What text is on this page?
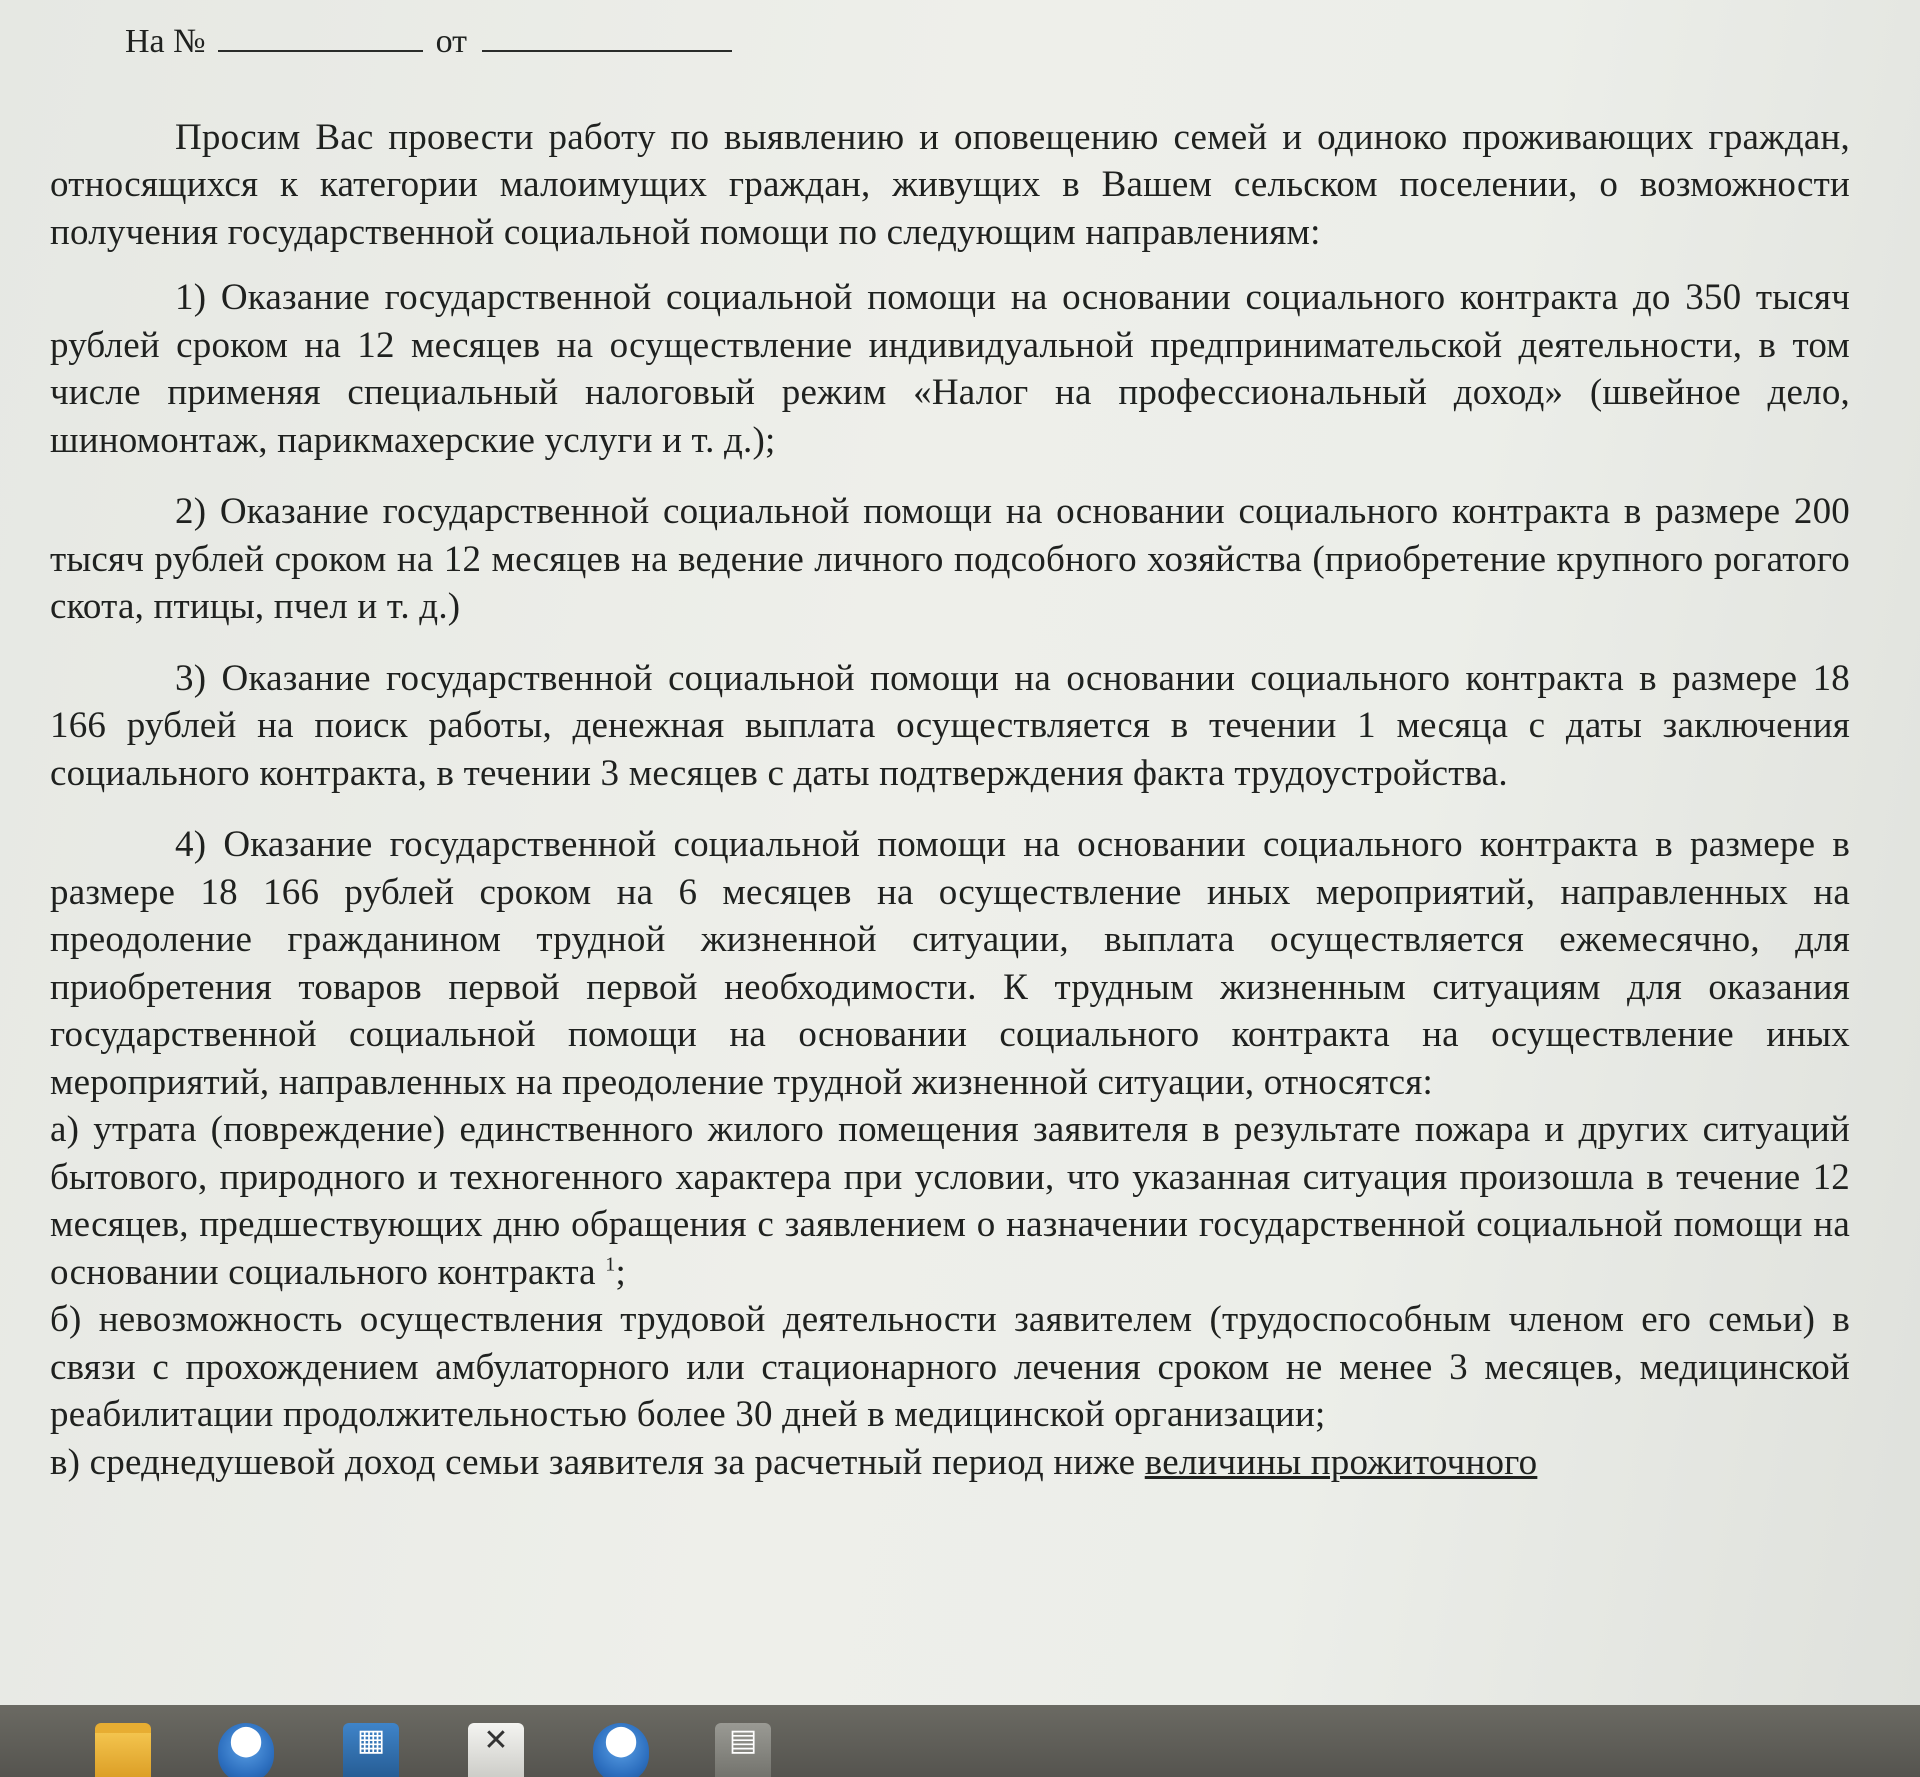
На №	от

Просим Вас провести работу по выявлению и оповещению семей и одиноко проживающих граждан, относящихся к категории малоимущих граждан, живущих в Вашем сельском поселении, о возможности получения государственной социальной помощи по следующим направлениям:

1) Оказание государственной социальной помощи на основании социального контракта до 350 тысяч рублей сроком на 12 месяцев на осуществление индивидуальной предпринимательской деятельности, в том числе применяя специальный налоговый режим «Налог на профессиональный доход» (швейное дело, шиномонтаж, парикмахерские услуги и т. д.);

2) Оказание государственной социальной помощи на основании социального контракта в размере 200 тысяч рублей сроком на 12 месяцев на ведение личного подсобного хозяйства (приобретение крупного рогатого скота, птицы, пчел и т. д.)

3) Оказание государственной социальной помощи на основании социального контракта в размере 18 166 рублей на поиск работы, денежная выплата осуществляется в течении 1 месяца с даты заключения социального контракта, в течении 3 месяцев с даты подтверждения факта трудоустройства.

4) Оказание государственной социальной помощи на основании социального контракта в размере в размере 18 166 рублей сроком на 6 месяцев на осуществление иных мероприятий, направленных на преодоление гражданином трудной жизненной ситуации, выплата осуществляется ежемесячно, для приобретения товаров первой первой необходимости. К трудным жизненным ситуациям для оказания государственной социальной помощи на основании социального контракта на осуществление иных мероприятий, направленных на преодоление трудной жизненной ситуации, относятся:

а) утрата (повреждение) единственного жилого помещения заявителя в результате пожара и других ситуаций бытового, природного и техногенного характера при условии, что указанная ситуация произошла в течение 12 месяцев, предшествующих дню обращения с заявлением о назначении государственной социальной помощи на основании социального контракта $^1$;

б) невозможность осуществления трудовой деятельности заявителем (трудоспособным членом его семьи) в связи с прохождением амбулаторного или стационарного лечения сроком не менее 3 месяцев, медицинской реабилитации продолжительностью более 30 дней в медицинской организации;

в) среднедушевой доход семьи заявителя за расчетный период ниже величины прожиточного

⬤	▦	✕	⬤	▤
